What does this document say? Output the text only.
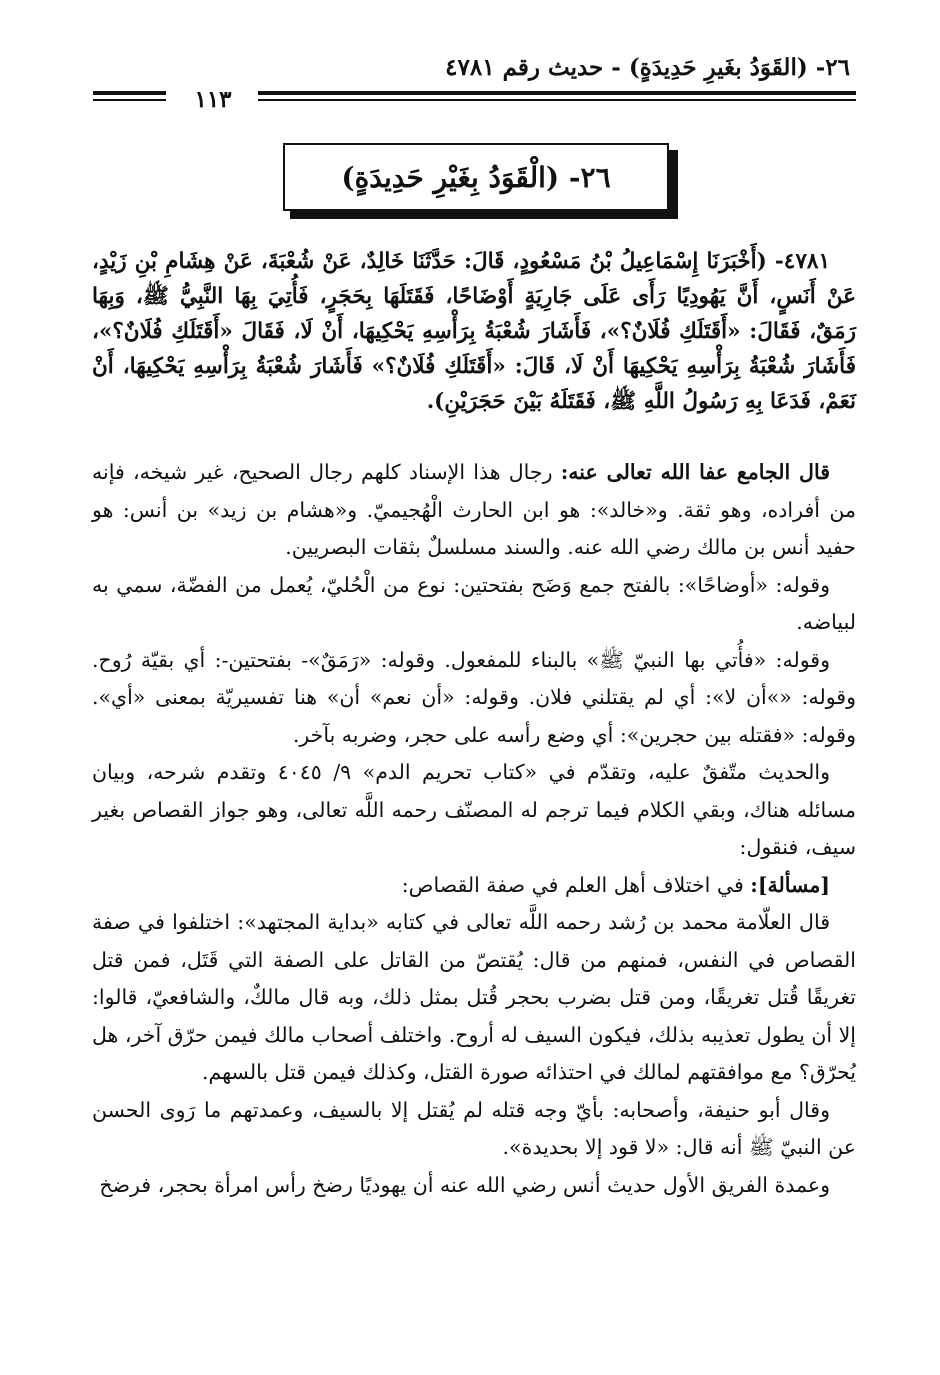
٢٦- (القَوَدُ بغَيرِ حَدِيدَةٍ) - حديث رقم ٤٧٨١
١١٣
٢٦- (الْقَوَدُ بِغَيْرِ حَدِيدَةٍ)

٤٧٨١- (أَخْبَرَنَا إِسْمَاعِيلُ بْنُ مَسْعُودٍ، قَالَ: حَدَّثَنَا خَالِدٌ، عَنْ شُعْبَةَ، عَنْ هِشَامِ بْنِ زَيْدٍ، عَنْ أَنَسٍ، أَنَّ يَهُودِيًا رَأَى عَلَى جَارِيَةٍ أَوْضَاحًا، فَقَتَلَهَا بِحَجَرٍ، فَأُتِيَ بِهَا النَّبِيُّ ﷺ، وَبِهَا رَمَقٌ، فَقَالَ: «أَقَتَلَكِ فُلَانٌ؟»، فَأَشَارَ شُعْبَةُ بِرَأْسِهِ يَحْكِيهَا، أَنْ لَا، فَقَالَ «أَقَتَلَكِ فُلَانٌ؟»، فَأَشَارَ شُعْبَةُ بِرَأْسِهِ يَحْكِيهَا أَنْ لَا، قَالَ: «أَقَتَلَكِ فُلَانٌ؟» فَأَشَارَ شُعْبَةُ بِرَأْسِهِ يَحْكِيهَا، أَنْ نَعَمْ، فَدَعَا بِهِ رَسُولُ اللَّهِ ﷺ، فَقَتَلَهُ بَيْنَ حَجَرَيْنِ).

قال الجامع عفا الله تعالى عنه: رجال هذا الإسناد كلهم رجال الصحيح، غير شيخه، فإنه من أفراده، وهو ثقة. و«خالد»: هو ابن الحارث الْهُجيميّ. و«هشام بن زيد» بن أنس: هو حفيد أنس بن مالك رضي الله عنه. والسند مسلسلٌ بثقات البصريين.

وقوله: «أوضاحًا»: بالفتح جمع وَضَح بفتحتين: نوع من الْحُليّ، يُعمل من الفضّة، سمي به لبياضه.

وقوله: «فأُتي بها النبيّ ﷺ» بالبناء للمفعول. وقوله: «رَمَقٌ»- بفتحتين-: أي بقيّة رُوح. وقوله: «»أن لا»: أي لم يقتلني فلان. وقوله: «أن نعم» أن» هنا تفسيريّة بمعنى «أي». وقوله: «فقتله بين حجرين»: أي وضع رأسه على حجر، وضربه بآخر.

والحديث متّفقٌ عليه، وتقدّم في «كتاب تحريم الدم» ٩/ ٤٠٤٥ وتقدم شرحه، وبيان مسائله هناك، وبقي الكلام فيما ترجم له المصنّف رحمه اللَّه تعالى، وهو جواز القصاص بغير سيف، فنقول:

[مسألة]: في اختلاف أهل العلم في صفة القصاص:

قال العلّامة محمد بن رُشد رحمه اللَّه تعالى في كتابه «بداية المجتهد»: اختلفوا في صفة القصاص في النفس، فمنهم من قال: يُقتصّ من القاتل على الصفة التي قَتَل، فمن قتل تغريقًا قُتل تغريقًا، ومن قتل بضرب بحجر قُتل بمثل ذلك، وبه قال مالكٌ، والشافعيّ، قالوا: إلا أن يطول تعذيبه بذلك، فيكون السيف له أروح. واختلف أصحاب مالك فيمن حرّق آخر، هل يُحرّق؟ مع موافقتهم لمالك في احتذائه صورة القتل، وكذلك فيمن قتل بالسهم.

وقال أبو حنيفة، وأصحابه: بأيّ وجه قتله لم يُقتل إلا بالسيف، وعمدتهم ما رَوى الحسن عن النبيّ ﷺ أنه قال: «لا قود إلا بحديدة».

وعمدة الفريق الأول حديث أنس رضي الله عنه أن يهوديًا رضخ رأس امرأة بحجر، فرضخ
